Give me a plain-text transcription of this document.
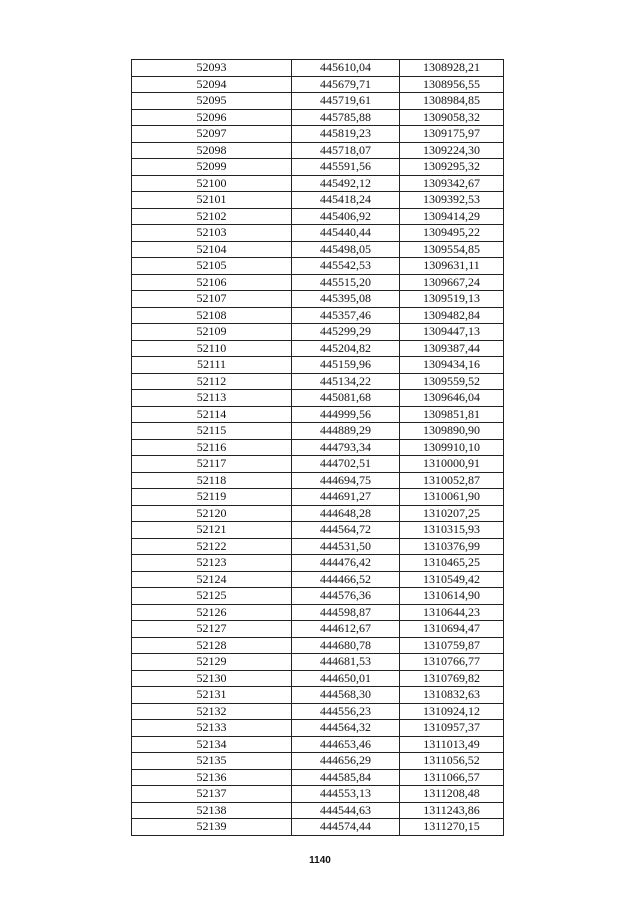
52093	445610,04	1308928,21
52094	445679,71	1308956,55
52095	445719,61	1308984,85
52096	445785,88	1309058,32
52097	445819,23	1309175,97
52098	445718,07	1309224,30
52099	445591,56	1309295,32
52100	445492,12	1309342,67
52101	445418,24	1309392,53
52102	445406,92	1309414,29
52103	445440,44	1309495,22
52104	445498,05	1309554,85
52105	445542,53	1309631,11
52106	445515,20	1309667,24
52107	445395,08	1309519,13
52108	445357,46	1309482,84
52109	445299,29	1309447,13
52110	445204,82	1309387,44
52111	445159,96	1309434,16
52112	445134,22	1309559,52
52113	445081,68	1309646,04
52114	444999,56	1309851,81
52115	444889,29	1309890,90
52116	444793,34	1309910,10
52117	444702,51	1310000,91
52118	444694,75	1310052,87
52119	444691,27	1310061,90
52120	444648,28	1310207,25
52121	444564,72	1310315,93
52122	444531,50	1310376,99
52123	444476,42	1310465,25
52124	444466,52	1310549,42
52125	444576,36	1310614,90
52126	444598,87	1310644,23
52127	444612,67	1310694,47
52128	444680,78	1310759,87
52129	444681,53	1310766,77
52130	444650,01	1310769,82
52131	444568,30	1310832,63
52132	444556,23	1310924,12
52133	444564,32	1310957,37
52134	444653,46	1311013,49
52135	444656,29	1311056,52
52136	444585,84	1311066,57
52137	444553,13	1311208,48
52138	444544,63	1311243,86
52139	444574,44	1311270,15
1140
